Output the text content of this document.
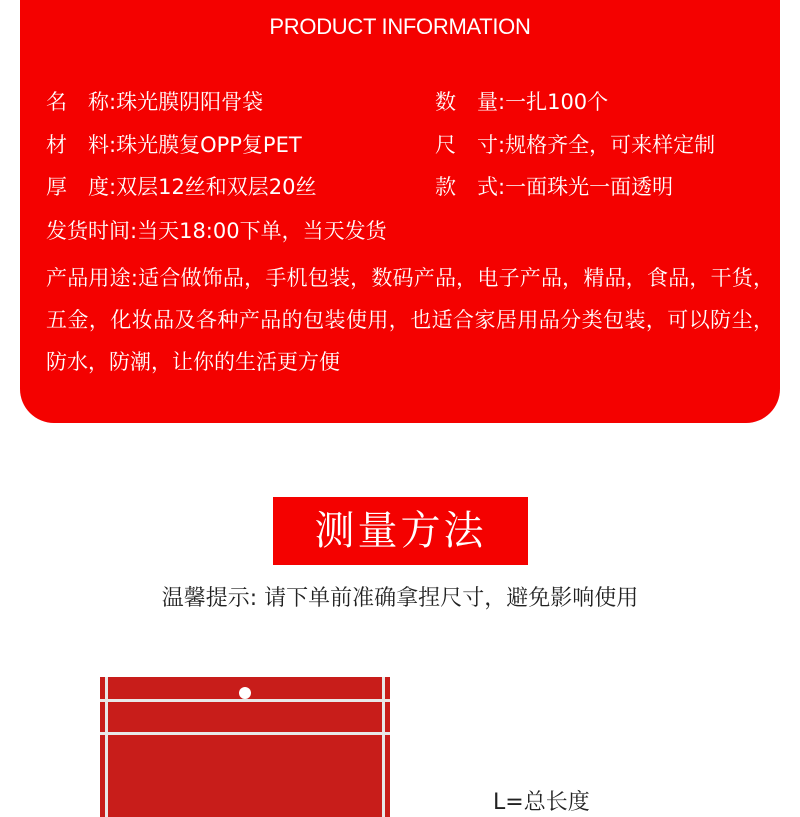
PRODUCT INFORMATION
名　称:珠光膜阴阳骨袋	数　量:一扎100个
材　料:珠光膜复OPP复PET	尺　寸:规格齐全，可来样定制
厚　度:双层12丝和双层20丝	款　式:一面珠光一面透明
发货时间:当天18:00下单，当天发货
产品用途:适合做饰品，手机包装，数码产品，电子产品，精品，食品，干货，五金，化妆品及各种产品的包装使用，也适合家居用品分类包装，可以防尘，防水，防潮，让你的生活更方便
测量方法
温馨提示: 请下单前准确拿捏尺寸，避免影响使用
L=总长度
